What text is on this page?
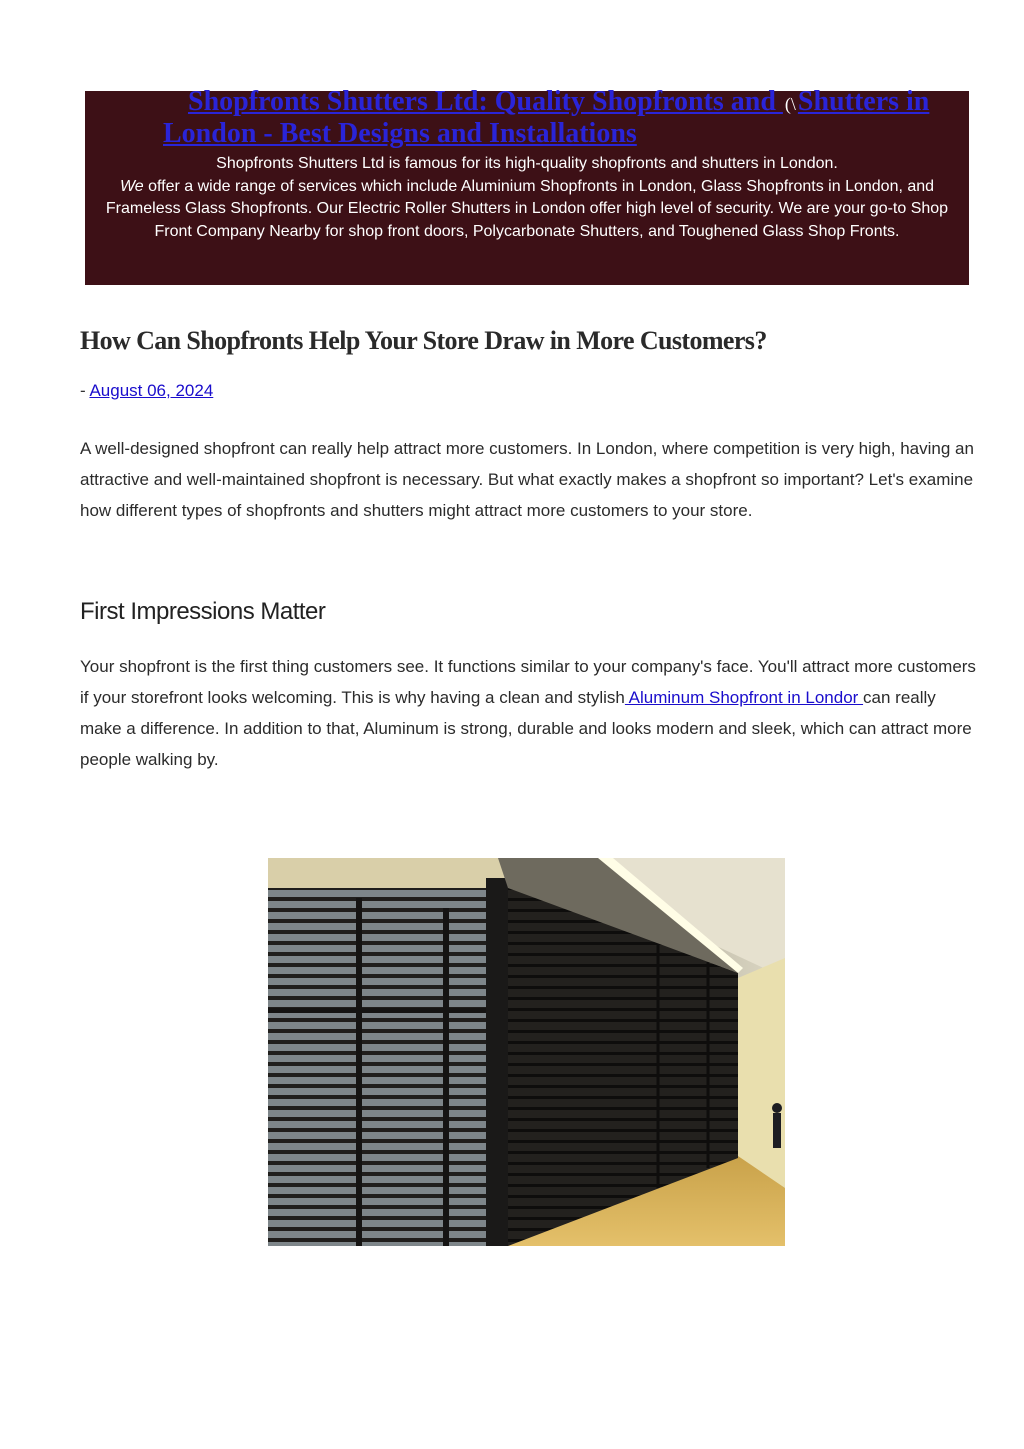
Shopfronts Shutters Ltd: Quality Shopfronts and (\Shutters in London - Best Designs and Installations
Shopfronts Shutters Ltd is famous for its high-quality shopfronts and shutters in London.
We offer a wide range of services which include Aluminium Shopfronts in London, Glass Shopfronts in London, and Frameless Glass Shopfronts. Our Electric Roller Shutters in London offer high level of security. We are your go-to Shop Front Company Nearby for shop front doors, Polycarbonate Shutters, and Toughened Glass Shop Fronts.
How Can Shopfronts Help Your Store Draw in More Customers?
- August 06, 2024

A well-designed shopfront can really help attract more customers. In London, where competition is very high, having an attractive and well-maintained shopfront is necessary. But what exactly makes a shopfront so important? Let's examine how different types of shopfronts and shutters might attract more customers to your store.

First Impressions Matter

Your shopfront is the first thing customers see. It functions similar to your company's face. You'll attract more customers if your storefront looks welcoming. This is why having a clean and stylish Aluminum Shopfront in Londor can really make a difference. In addition to that, Aluminum is strong, durable and looks modern and sleek, which can attract more people walking by.
